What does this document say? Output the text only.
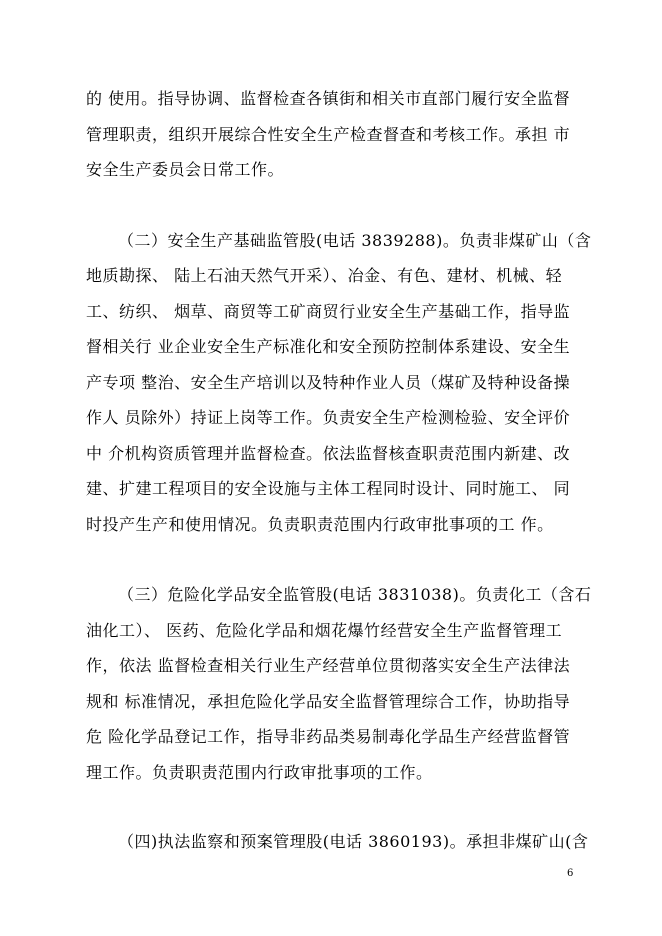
的 使用。指导协调、监督检查各镇街和相关市直部门履行安全监督
管理职责，组织开展综合性安全生产检查督查和考核工作。承担 市
安全生产委员会日常工作。
（二）安全生产基础监管股(电话 3839288)。负责非煤矿山（含
地质勘探、 陆上石油天然气开采）、冶金、有色、建材、机械、轻
工、纺织、 烟草、商贸等工矿商贸行业安全生产基础工作，指导监
督相关行 业企业安全生产标准化和安全预防控制体系建设、安全生
产专项 整治、安全生产培训以及特种作业人员（煤矿及特种设备操
作人 员除外）持证上岗等工作。负责安全生产检测检验、安全评价
中 介机构资质管理并监督检查。依法监督核查职责范围内新建、改
建、扩建工程项目的安全设施与主体工程同时设计、同时施工、 同
时投产生产和使用情况。负责职责范围内行政审批事项的工 作。
（三）危险化学品安全监管股(电话 3831038)。负责化工（含石
油化工）、 医药、危险化学品和烟花爆竹经营安全生产监督管理工
作，依法 监督检查相关行业生产经营单位贯彻落实安全生产法律法
规和 标准情况，承担危险化学品安全监督管理综合工作，协助指导
危 险化学品登记工作，指导非药品类易制毒化学品生产经营监督管
理工作。负责职责范围内行政审批事项的工作。
（四)执法监察和预案管理股(电话 3860193)。承担非煤矿山(含
6
